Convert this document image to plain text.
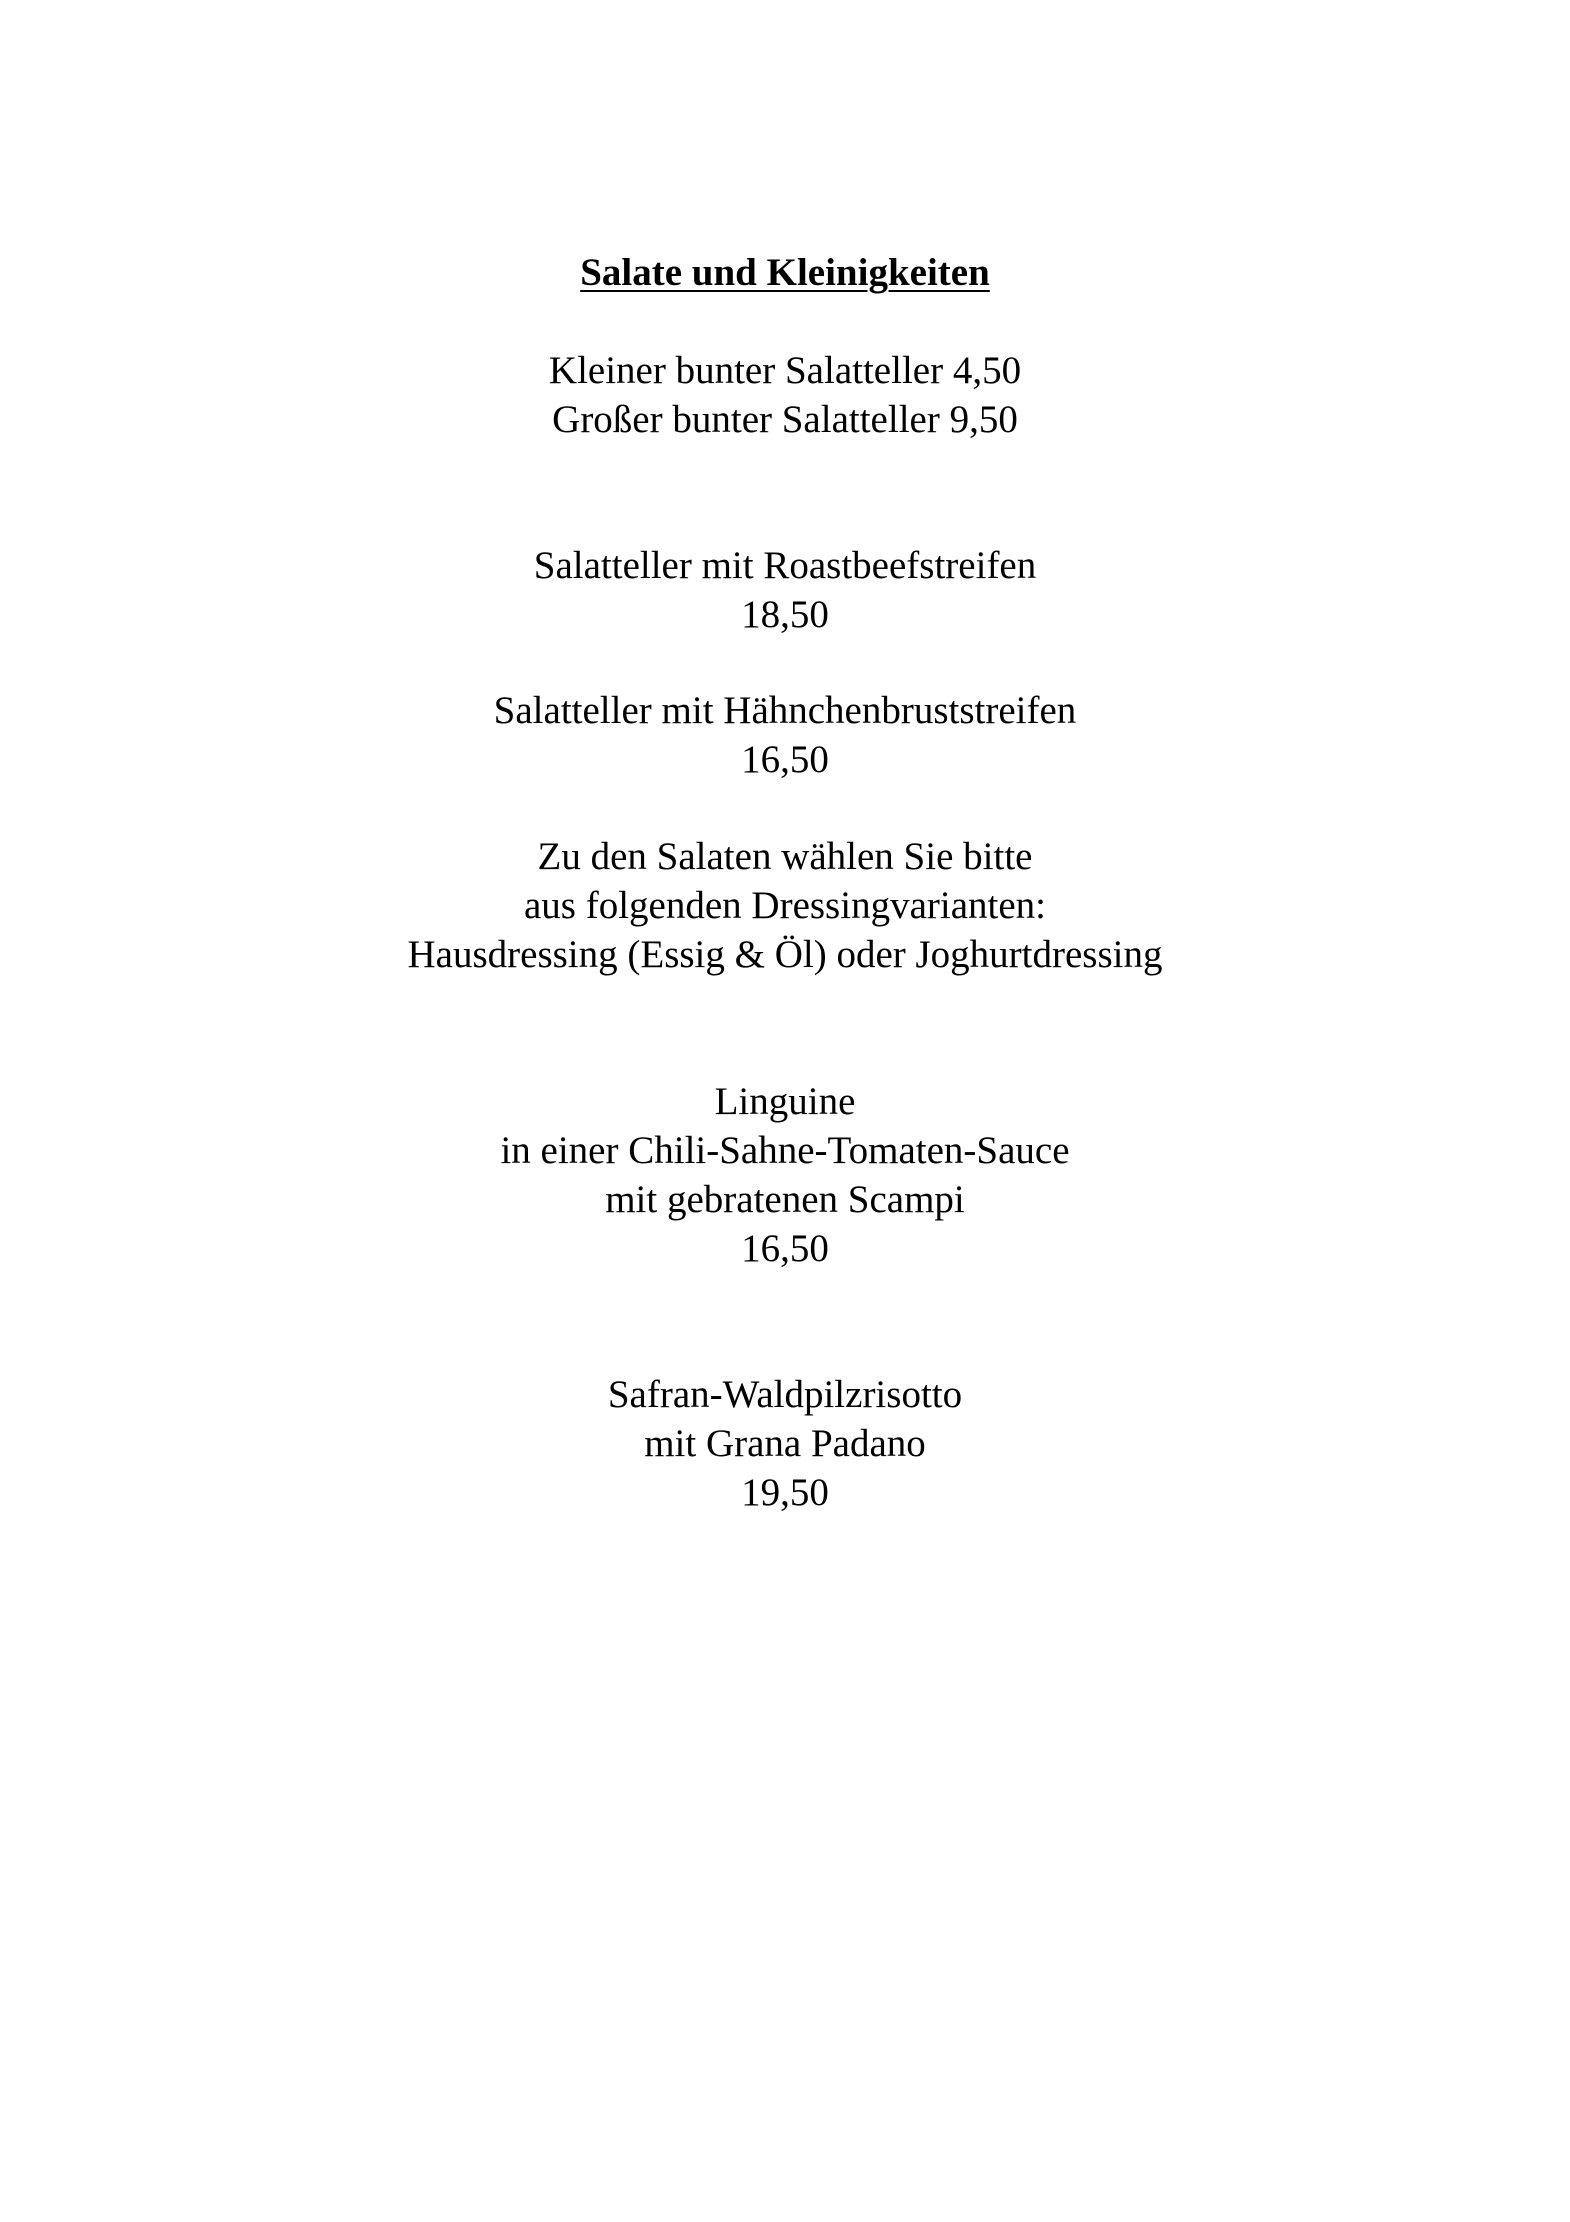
Salate und Kleinigkeiten
Kleiner bunter Salatteller 4,50
Großer bunter Salatteller 9,50
Salatteller mit Roastbeefstreifen
18,50
Salatteller mit Hähnchenbruststreifen
16,50
Zu den Salaten wählen Sie bitte
aus folgenden Dressingvarianten:
Hausdressing (Essig & Öl) oder Joghurtdressing
Linguine
in einer Chili-Sahne-Tomaten-Sauce
mit gebratenen Scampi
16,50
Safran-Waldpilzrisotto
mit Grana Padano
19,50
